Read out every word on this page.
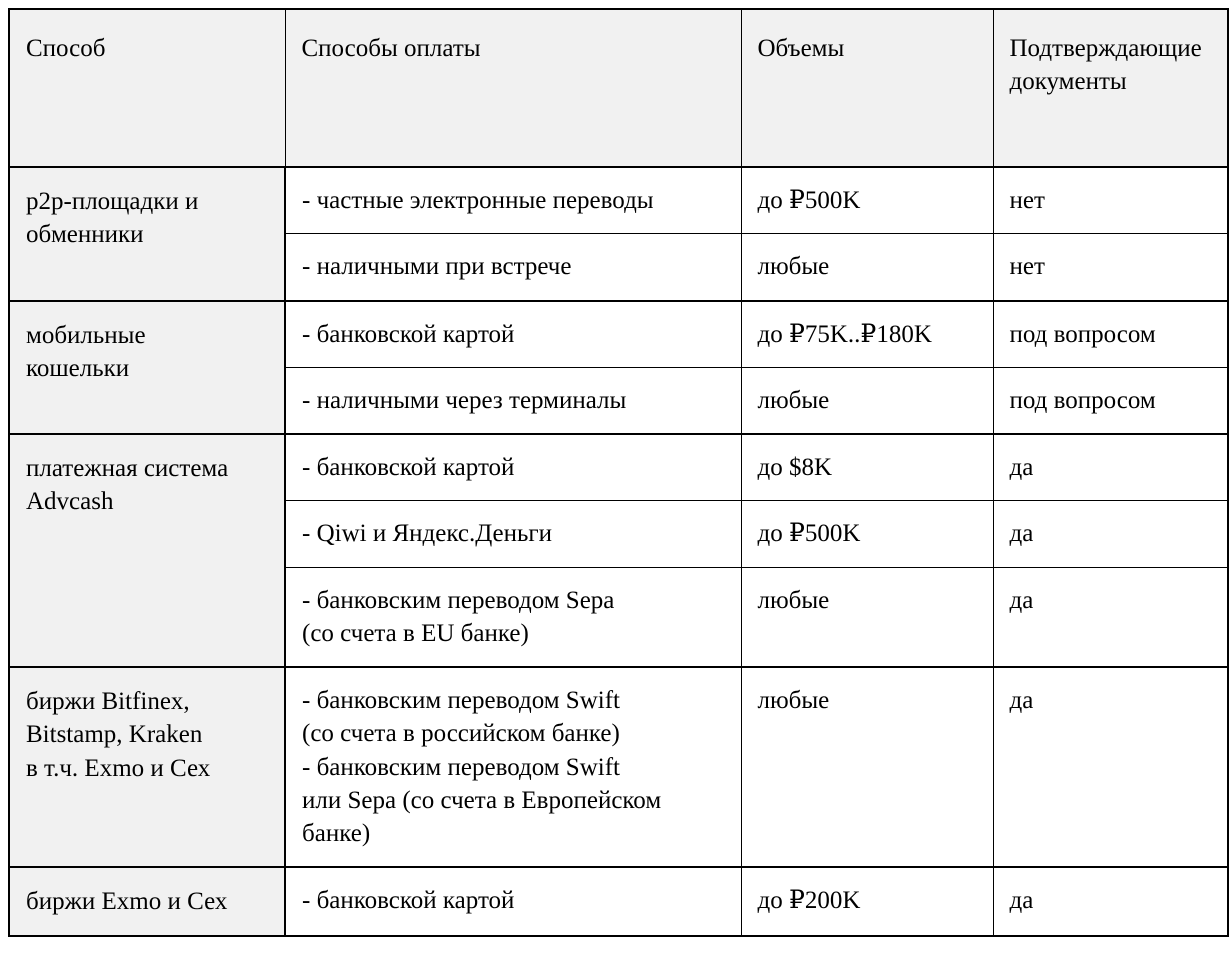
Способ	Способы оплаты	Объемы	Подтверждающие документы

p2p-площадки и
обменники	- частные электронные переводы	до ₽500K	нет

	- наличными при встрече	любые	нет

мобильные
кошельки	- банковской картой	до ₽75K..₽180K	под вопросом

	- наличными через терминалы	любые	под вопросом

платежная система
Advcash	- банковской картой	до $8K	да

	- Qiwi и Яндекс.Деньги	до ₽500K	да

	- банковским переводом Sepa
(со счета в EU банке)	любые	да

биржи Bitfinex,
Bitstamp, Kraken
в т.ч. Exmo и Сех	- банковским переводом Swift
(со счета в российском банке)
- банковским переводом Swift
или Sepa (со счета в Европейском
банке)	любые	да

биржи Exmo и Сех	- банковской картой	до ₽200K	да
